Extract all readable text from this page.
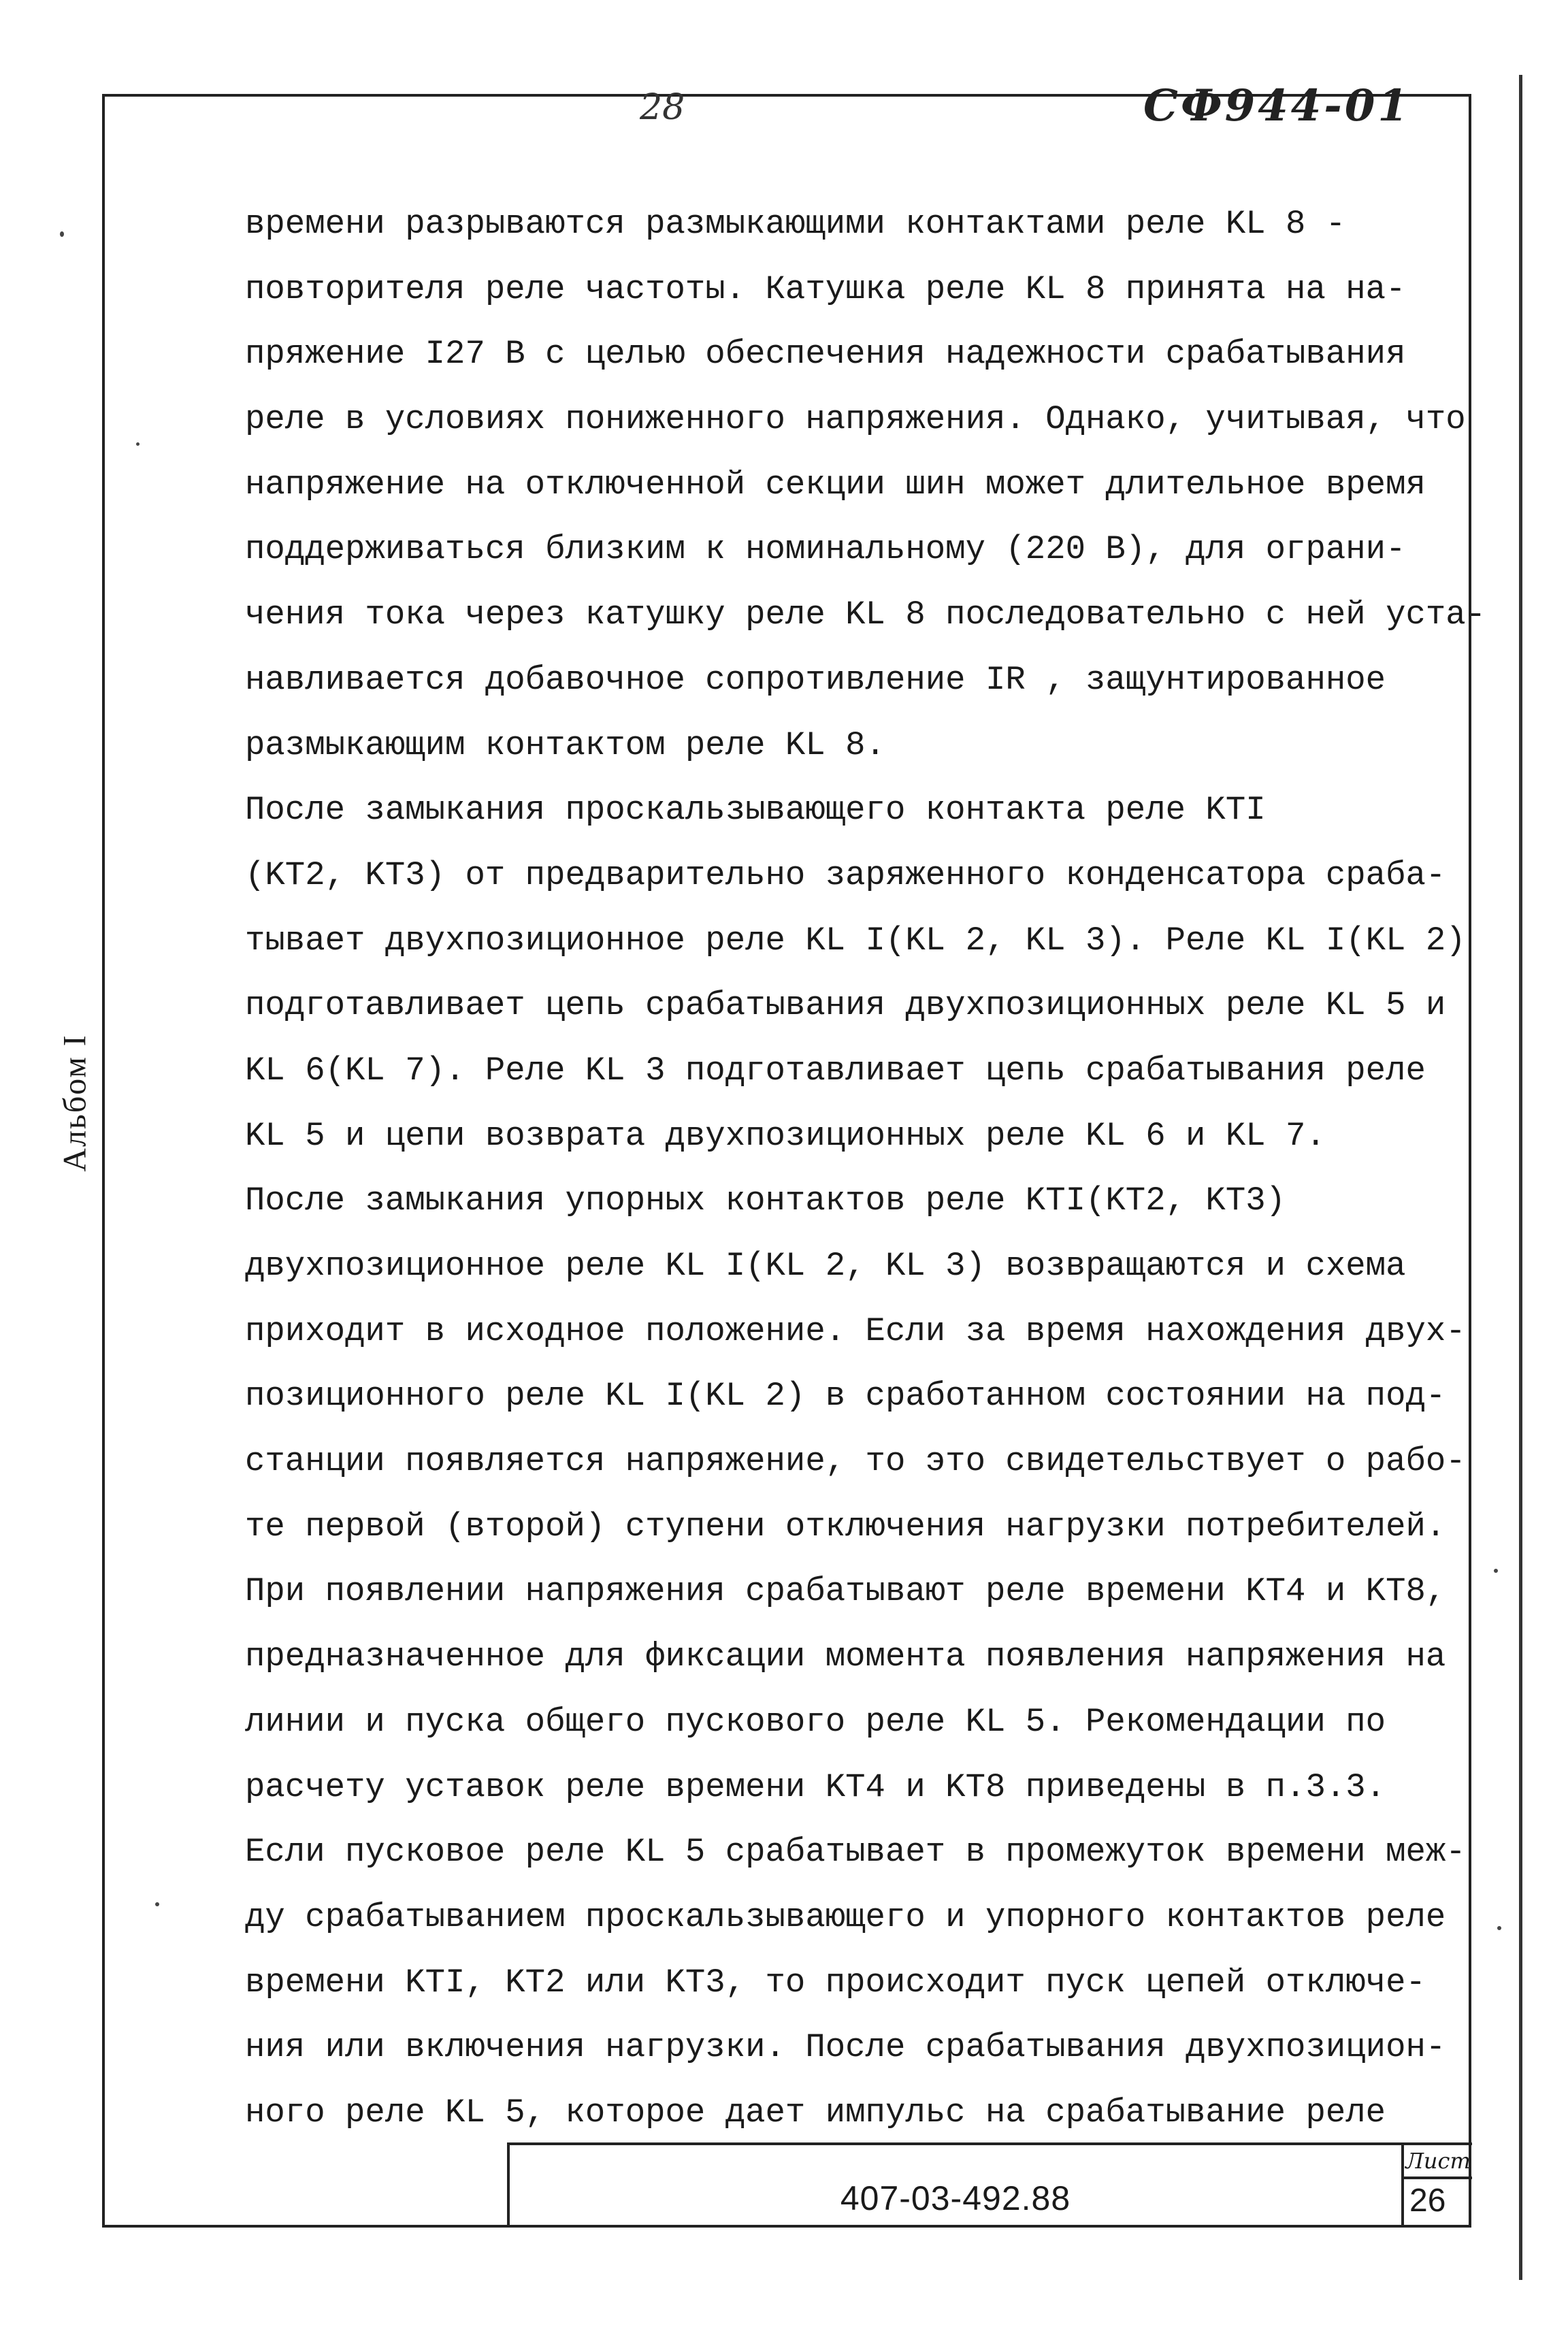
Альбом I
28	СФ944-01
времени разрываются размыкающими контактами реле KL 8 -
повторителя реле частоты. Катушка реле KL 8 принята на на-
пряжение I27 В с целью обеспечения надежности срабатывания
реле в условиях пониженного напряжения. Однако, учитывая, что
напряжение на отключенной секции шин может длительное время
поддерживаться близким к номинальному (220 В), для ограни-
чения тока через катушку реле KL 8 последовательно с ней уста-
навливается добавочное сопротивление IR , защунтированное
размыкающим контактом реле KL 8.
После замыкания проскальзывающего контакта реле KTI
(KT2, KT3) от предварительно заряженного конденсатора сраба-
тывает двухпозиционное реле KL I(KL 2, KL 3). Реле KL I(KL 2)
подготавливает цепь срабатывания двухпозиционных реле KL 5 и
KL 6(KL 7). Реле KL 3 подготавливает цепь срабатывания реле
KL 5 и цепи возврата двухпозиционных реле KL 6 и KL 7.
После замыкания упорных контактов реле KTI(KT2, KT3)
двухпозиционное реле KL I(KL 2, KL 3) возвращаются и схема
приходит в исходное положение. Если за время нахождения двух-
позиционного реле KL I(KL 2) в сработанном состоянии на под-
станции появляется напряжение, то это свидетельствует о рабо-
те первой (второй) ступени отключения нагрузки потребителей.
При появлении напряжения срабатывают реле времени KT4 и KT8,
предназначенное для фиксации момента появления напряжения на
линии и пуска общего пускового реле KL 5. Рекомендации по
расчету уставок реле времени KT4 и KT8 приведены в п.3.3.
Если пусковое реле KL 5 срабатывает в промежуток времени меж-
ду срабатыванием проскальзывающего и упорного контактов реле
времени KTI, KT2 или KT3, то происходит пуск цепей отключе-
ния или включения нагрузки. После срабатывания двухпозицион-
ного реле KL 5, которое дает импульс на срабатывание реле
407-03-492.88
Лист
26
